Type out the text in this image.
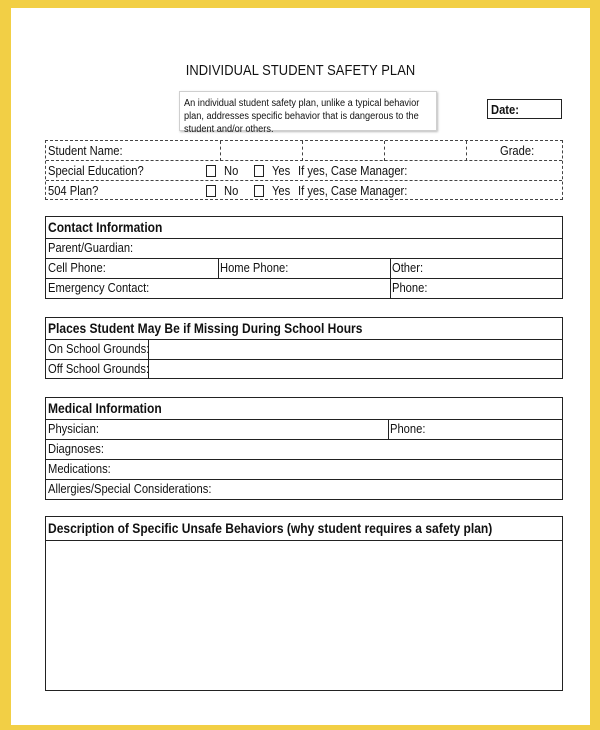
INDIVIDUAL STUDENT SAFETY PLAN
An individual student safety plan, unlike a typical behavior plan, addresses specific behavior that is dangerous to the student and/or others.
Date:
Student Name:	Grade:
Special Education?	No	Yes If yes, Case Manager:
504 Plan?	No	Yes If yes, Case Manager:
Contact Information
Parent/Guardian:
Cell Phone:	Home Phone:	Other:
Emergency Contact:	Phone:
Places Student May Be if Missing During School Hours
On School Grounds:
Off School Grounds:
Medical Information
Physician:	Phone:
Diagnoses:
Medications:
Allergies/Special Considerations:
Description of Specific Unsafe Behaviors (why student requires a safety plan)
